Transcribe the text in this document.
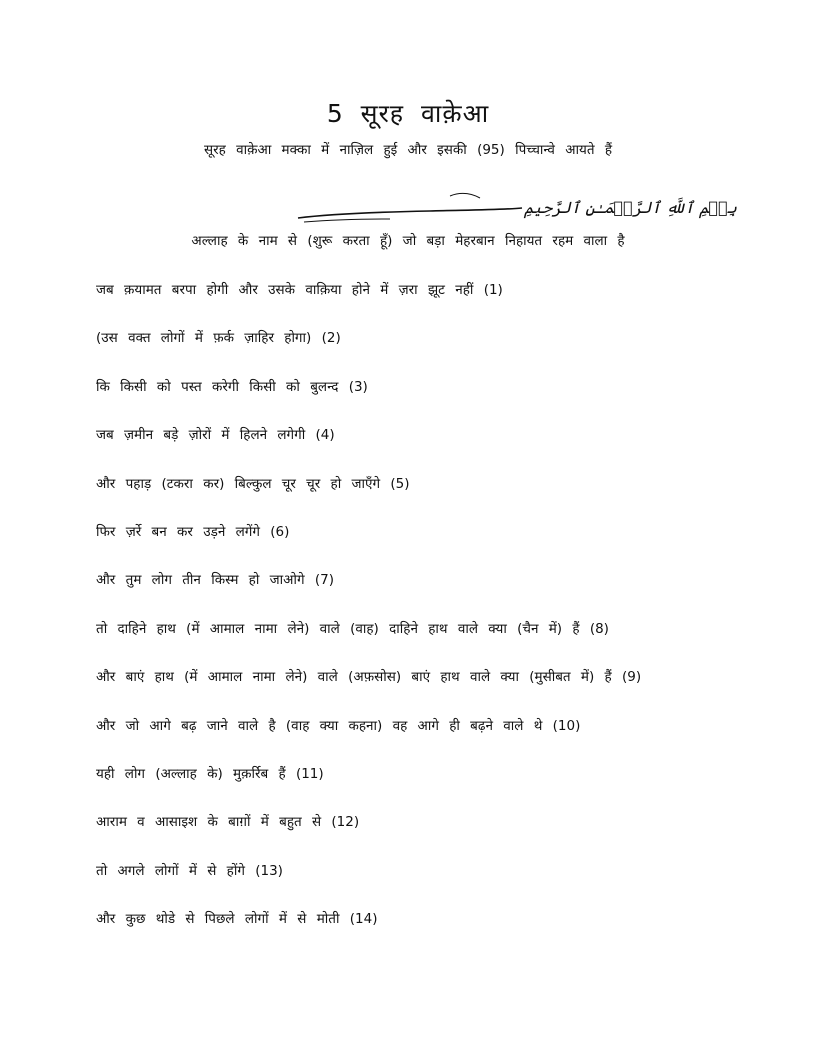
5 सूरह वाक़ेआ
सूरह वाक़ेआ मक्का में नाज़िल हुई और इसकी (95) पिच्चान्वे आयते हैं
بِسۡمِ ٱللَّهِ ٱلرَّحۡمَـٰنِ ٱلرَّحِیمِ
अल्लाह के नाम से (शुरू करता हूँ) जो बड़ा मेहरबान निहायत रहम वाला है
जब क़यामत बरपा होगी और उसके वाक़िया होने में ज़रा झूट नहीं (1)
(उस वक्त लोगों में फ़र्क ज़ाहिर होगा) (2)
कि किसी को पस्त करेगी किसी को बुलन्द (3)
जब ज़मीन बड़े ज़ोरों में हिलने लगेगी (4)
और पहाड़ (टकरा कर) बिल्कुल चूर चूर हो जाएँगे (5)
फिर ज़र्रे बन कर उड़ने लगेंगे (6)
और तुम लोग तीन किस्म हो जाओगे (7)
तो दाहिने हाथ (में आमाल नामा लेने) वाले (वाह) दाहिने हाथ वाले क्या (चैन में) हैं (8)
और बाएं हाथ (में आमाल नामा लेने) वाले (अफ़सोस) बाएं हाथ वाले क्या (मुसीबत में) हैं (9)
और जो आगे बढ़ जाने वाले है (वाह क्या कहना) वह आगे ही बढ़ने वाले थे (10)
यही लोग (अल्लाह के) मुक़र्रिब हैं (11)
आराम व आसाइश के बाग़ों में बहुत से (12)
तो अगले लोगों में से होंगे (13)
और कुछ थोडे से पिछले लोगों में से मोती (14)
